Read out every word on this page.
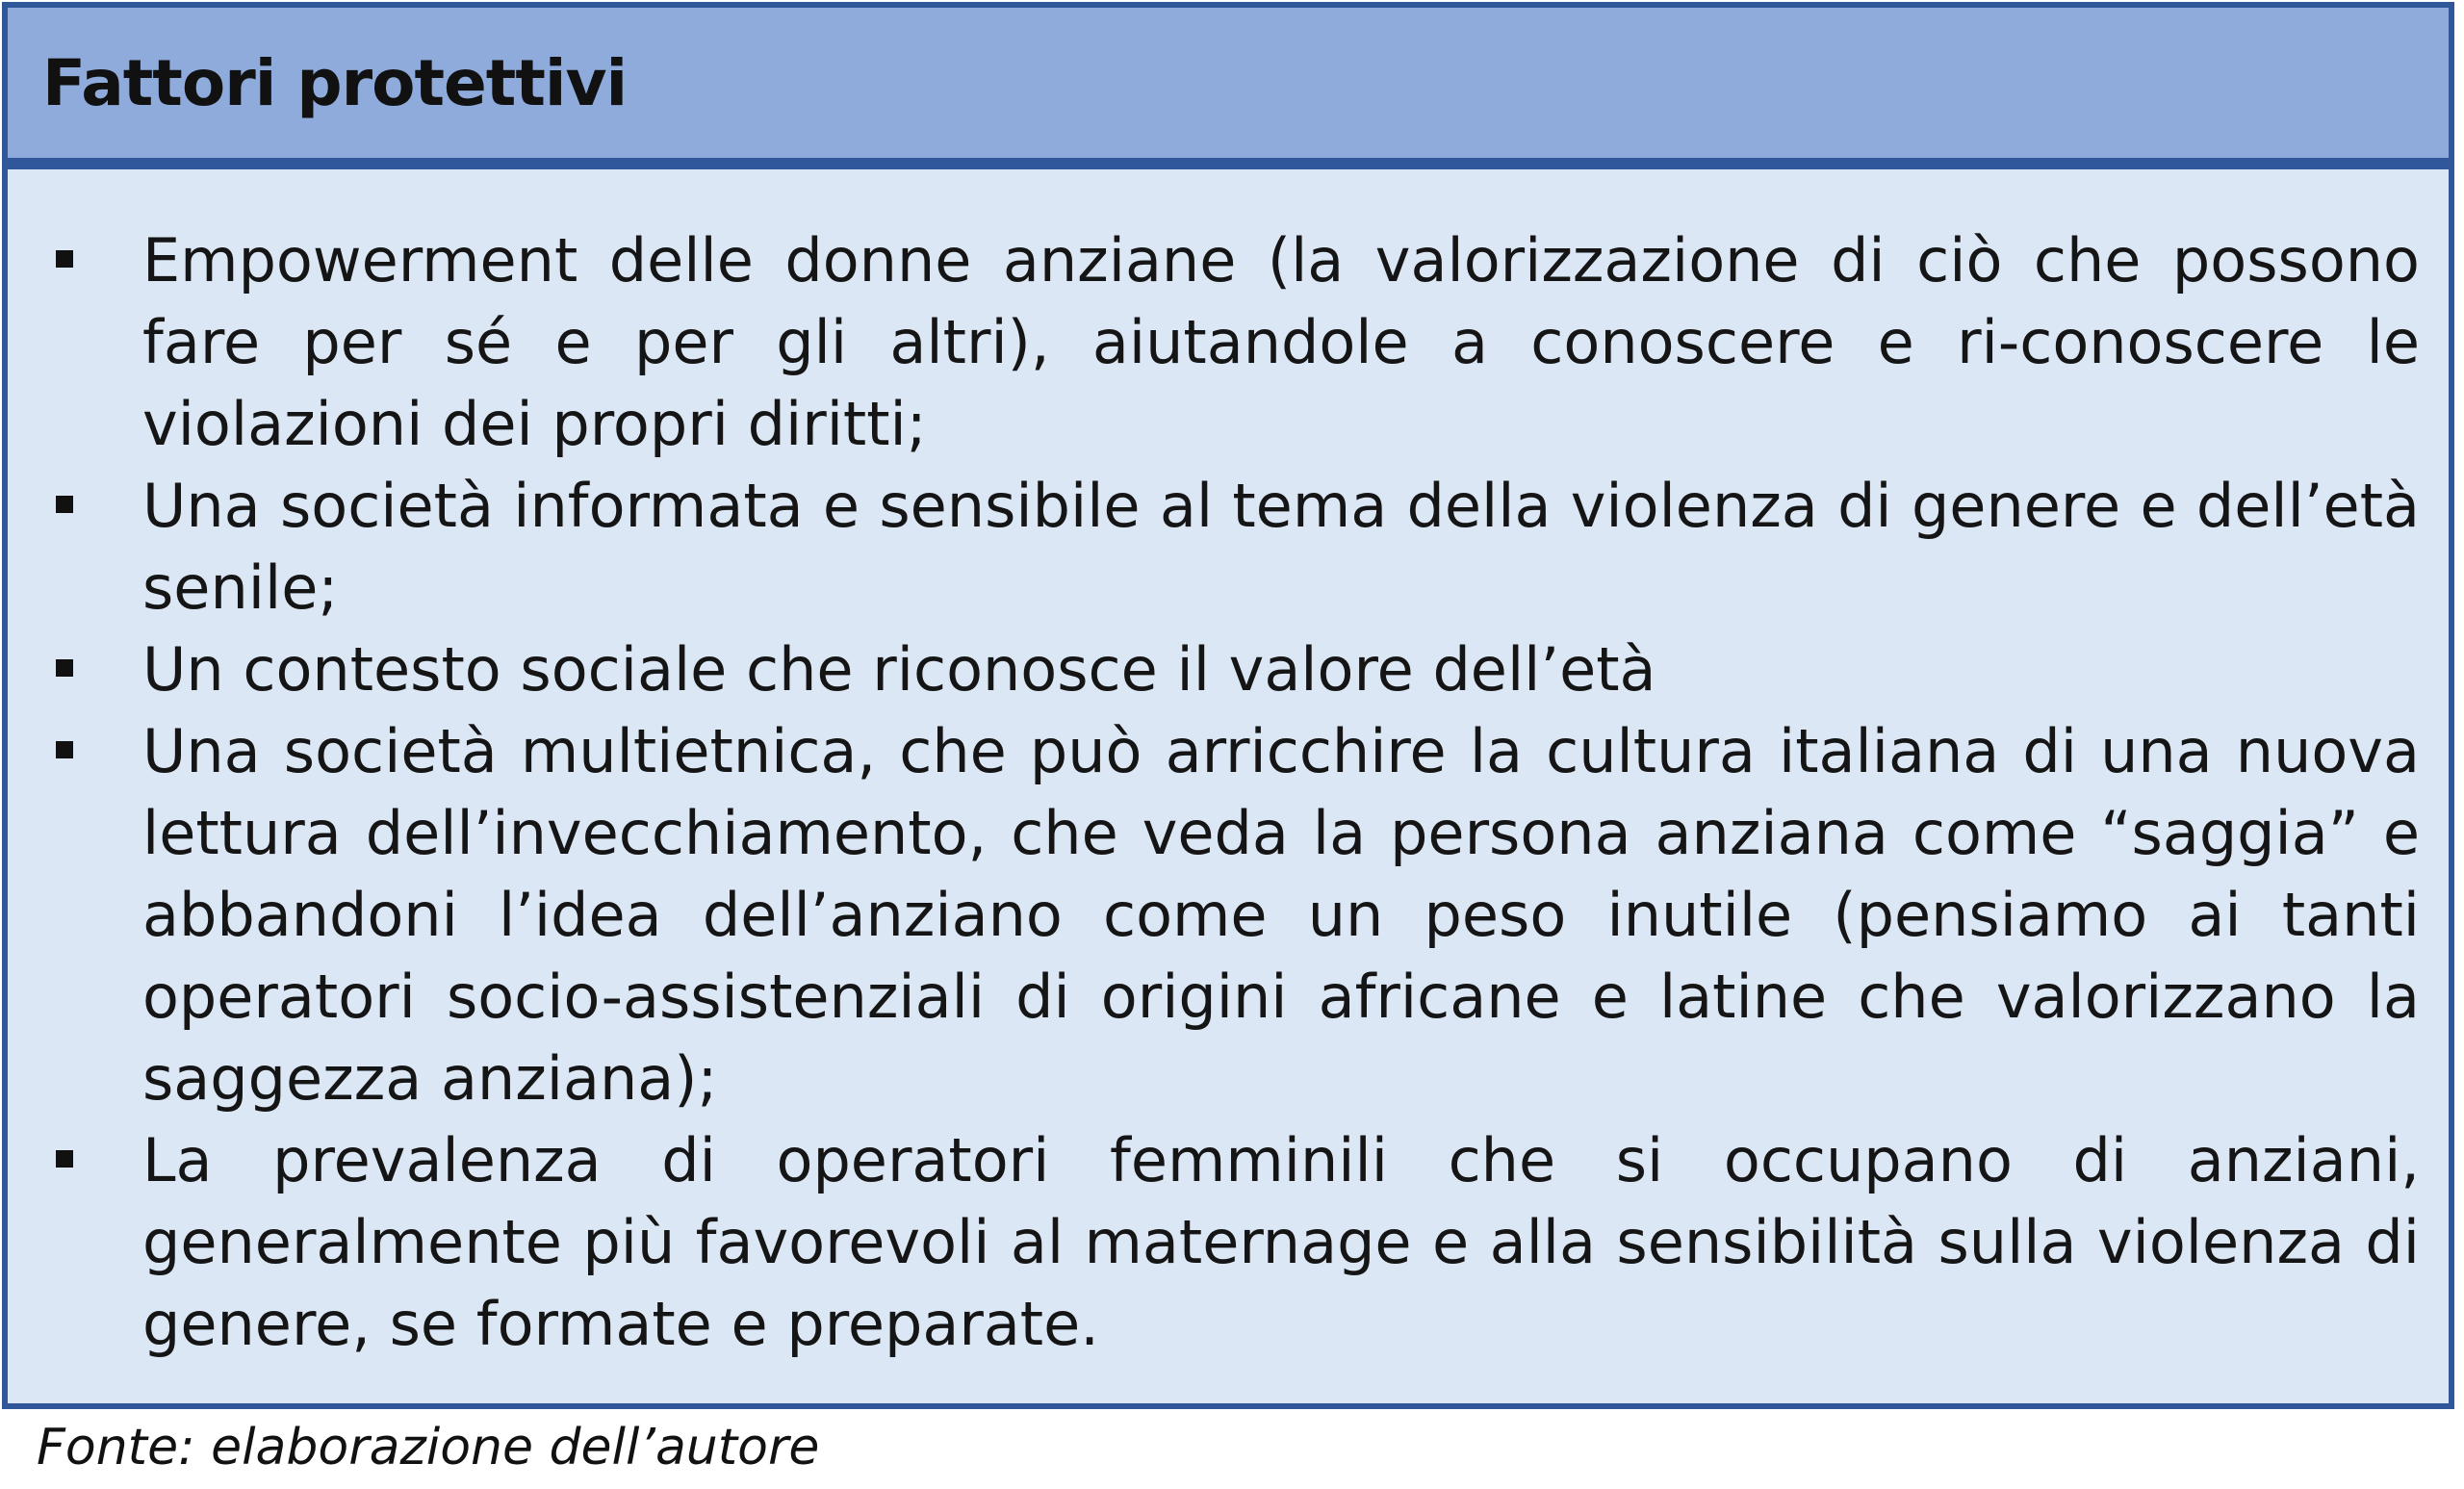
Fattori protettivi
Empowerment delle donne anziane (la valorizzazione di ciò che possono fare per sé e per gli altri), aiutandole a conoscere e ri-conoscere le violazioni dei propri diritti;
Una società informata e sensibile al tema della violenza di genere e dell’età senile;
Un contesto sociale che riconosce il valore dell’età
Una società multietnica, che può arricchire la cultura italiana di una nuova lettura dell’invecchiamento, che veda la persona anziana come “saggia” e abbandoni l’idea dell’anziano come un peso inutile (pensiamo ai tanti operatori socio-assistenziali di origini africane e latine che valorizzano la saggezza anziana);
La prevalenza di operatori femminili che si occupano di anziani, generalmente più favorevoli al maternage e alla sensibilità sulla violenza di genere, se formate e preparate.
Fonte: elaborazione dell’autore
